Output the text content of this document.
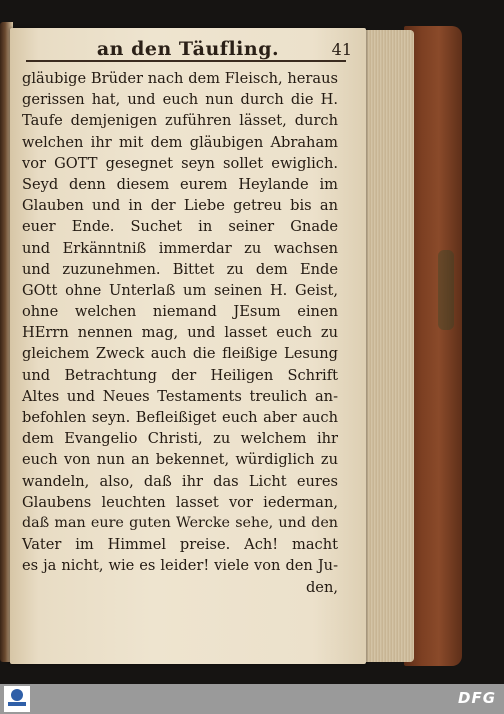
an den Täufling.	41
gläubige Brüder nach dem Fleisch, heraus
gerissen hat, und euch nun durch die H.
Taufe demjenigen zuführen lässet, durch
welchen ihr mit dem gläubigen Abraham
vor GOTT gesegnet seyn sollet ewiglich.
Seyd denn diesem eurem Heylande im
Glauben und in der Liebe getreu bis an
euer Ende. Suchet in seiner Gnade
und Erkänntniß immerdar zu wachsen
und zuzunehmen. Bittet zu dem Ende
GOtt ohne Unterlaß um seinen H. Geist,
ohne welchen niemand JEsum einen
HErrn nennen mag, und lasset euch zu
gleichem Zweck auch die fleißige Lesung
und Betrachtung der Heiligen Schrift
Altes und Neues Testaments treulich an-
befohlen seyn. Befleißiget euch aber auch
dem Evangelio Christi, zu welchem ihr
euch von nun an bekennet, würdiglich zu
wandeln, also, daß ihr das Licht eures
Glaubens leuchten lasset vor iederman,
daß man eure guten Wercke sehe, und den
Vater im Himmel preise. Ach! macht
es ja nicht, wie es leider! viele von den Ju-
den,
DFG
